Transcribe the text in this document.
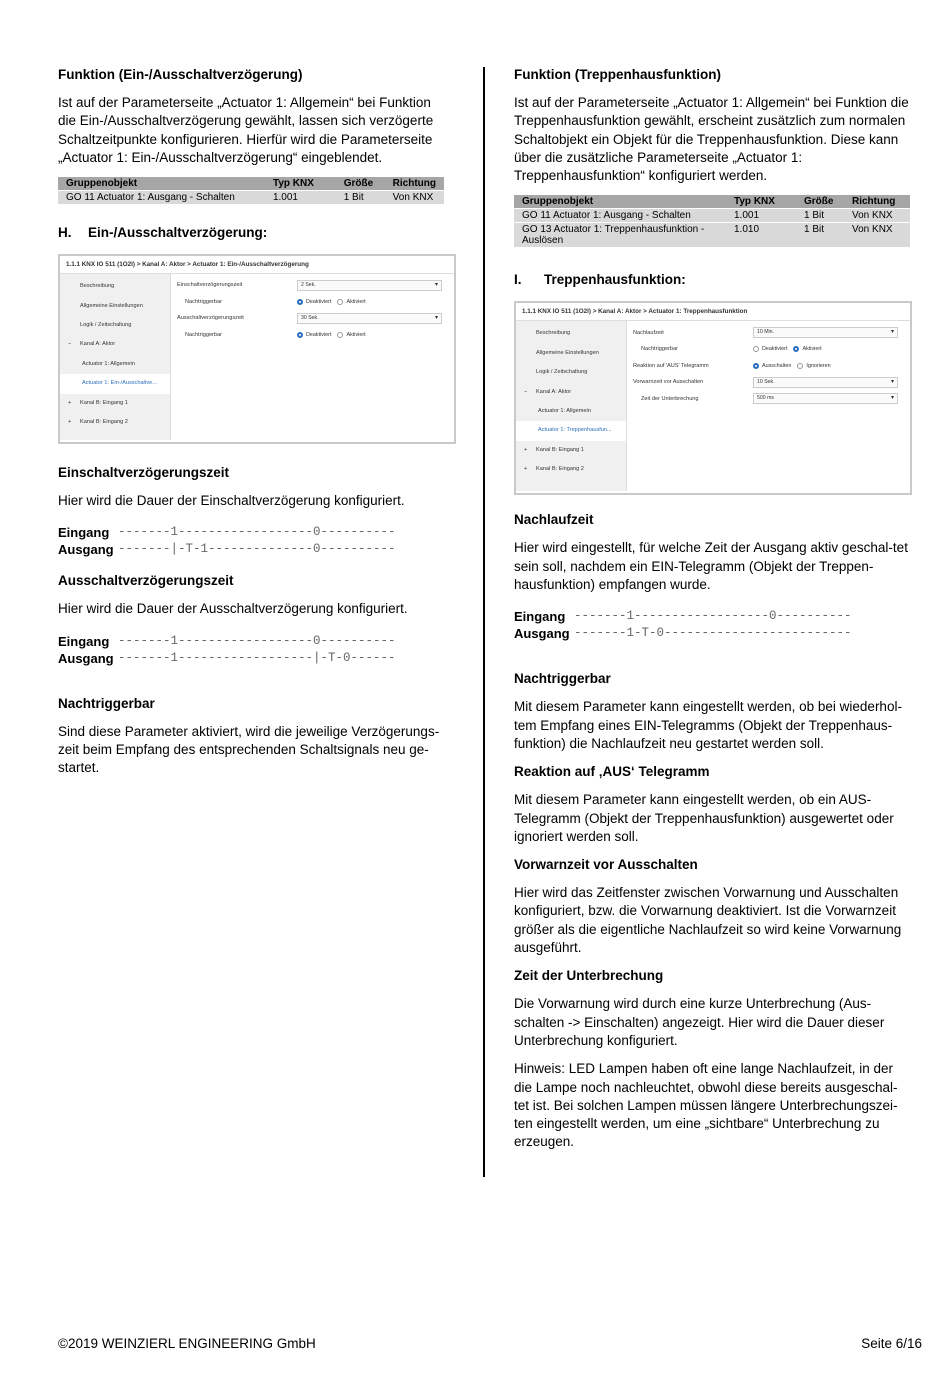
Funktion (Ein-/Ausschaltverzögerung)

Ist auf der Parameterseite „Actuator 1: Allgemein“ bei Funktion die Ein-/Ausschaltverzögerung gewählt, lassen sich verzögerte Schaltzeitpunkte konfigurieren. Hierfür wird die Parameterseite „Actuator 1: Ein-/Ausschaltverzögerung“ eingeblendet.

Gruppenobjekt	Typ KNX	Größe	Richtung
GO 11 Actuator 1: Ausgang - Schalten	1.001	1 Bit	Von KNX
H.	Ein-/Ausschaltverzögerung:
1.1.1 KNX IO 511 (1O2I) > Kanal A: Aktor > Actuator 1: Ein-/Ausschaltverzögerung
Beschreibung
Allgemeine Einstellungen
Logik / Zeitschaltung
− Kanal A: Aktor
Actuator 1: Allgemein
Actuator 1: Ein-/Ausschaltve...
+ Kanal B: Eingang 1
+ Kanal B: Eingang 2
Einschaltverzögerungszeit	2 Sek. ▾
Nachtriggerbar	Deaktiviert	Aktiviert
Ausschaltverzögerungszeit	30 Sek. ▾
Nachtriggerbar	Deaktiviert	Aktiviert
Einschaltverzögerungszeit

Hier wird die Dauer der Einschaltverzögerung konfiguriert.

Eingang -------1------------------0----------
Ausgang -------|-T-1--------------0----------
Ausschaltverzögerungszeit

Hier wird die Dauer der Ausschaltverzögerung konfiguriert.

Eingang -------1------------------0----------
Ausgang -------1------------------|-T-0------
Nachtriggerbar

Sind diese Parameter aktiviert, wird die jeweilige Verzögerungs-zeit beim Empfang des entsprechenden Schaltsignals neu ge-startet.

Funktion (Treppenhausfunktion)

Ist auf der Parameterseite „Actuator 1: Allgemein“ bei Funktion die Treppenhausfunktion gewählt, erscheint zusätzlich zum normalen Schaltobjekt ein Objekt für die Treppenhausfunktion. Diese kann über die zusätzliche Parameterseite „Actuator 1: Treppenhausfunktion“ konfiguriert werden.

Gruppenobjekt	Typ KNX	Größe	Richtung
GO 11 Actuator 1: Ausgang - Schalten	1.001	1 Bit	Von KNX
GO 13 Actuator 1: Treppenhausfunktion - Auslösen	1.010	1 Bit	Von KNX
I.	Treppenhausfunktion:
1.1.1 KNX IO 511 (1O2I) > Kanal A: Aktor > Actuator 1: Treppenhausfunktion
Beschreibung
Allgemeine Einstellungen
Logik / Zeitschaltung
− Kanal A: Aktor
Actuator 1: Allgemein
Actuator 1: Treppenhausfun...
+ Kanal B: Eingang 1
+ Kanal B: Eingang 2
Nachlaufzeit	10 Min. ▾
Nachtriggerbar	Deaktiviert	Aktiviert
Reaktion auf 'AUS' Telegramm	Ausschalten	Ignorieren
Vorwarnzeit vor Ausschalten	10 Sek. ▾
Zeit der Unterbrechung	500 ms ▾
Nachlaufzeit

Hier wird eingestellt, für welche Zeit der Ausgang aktiv geschal-tet sein soll, nachdem ein EIN-Telegramm (Objekt der Treppen-hausfunktion) empfangen wurde.

Eingang -------1------------------0----------
Ausgang -------1-T-0-------------------------
Nachtriggerbar

Mit diesem Parameter kann eingestellt werden, ob bei wiederhol-tem Empfang eines EIN-Telegramms (Objekt der Treppenhaus-funktion) die Nachlaufzeit neu gestartet werden soll.

Reaktion auf ‚AUS‘ Telegramm

Mit diesem Parameter kann eingestellt werden, ob ein AUS-Telegramm (Objekt der Treppenhausfunktion) ausgewertet oder ignoriert werden soll.

Vorwarnzeit vor Ausschalten

Hier wird das Zeitfenster zwischen Vorwarnung und Ausschalten konfiguriert, bzw. die Vorwarnung deaktiviert. Ist die Vorwarnzeit größer als die eigentliche Nachlaufzeit so wird keine Vorwarnung ausgeführt.

Zeit der Unterbrechung

Die Vorwarnung wird durch eine kurze Unterbrechung (Aus-schalten -> Einschalten) angezeigt. Hier wird die Dauer dieser Unterbrechung konfiguriert.

Hinweis: LED Lampen haben oft eine lange Nachlaufzeit, in der die Lampe noch nachleuchtet, obwohl diese bereits ausgeschal-tet ist. Bei solchen Lampen müssen längere Unterbrechungszei-ten eingestellt werden, um eine „sichtbare“ Unterbrechung zu erzeugen.

©2019 WEINZIERL ENGINEERING GmbH	Seite 6/16
